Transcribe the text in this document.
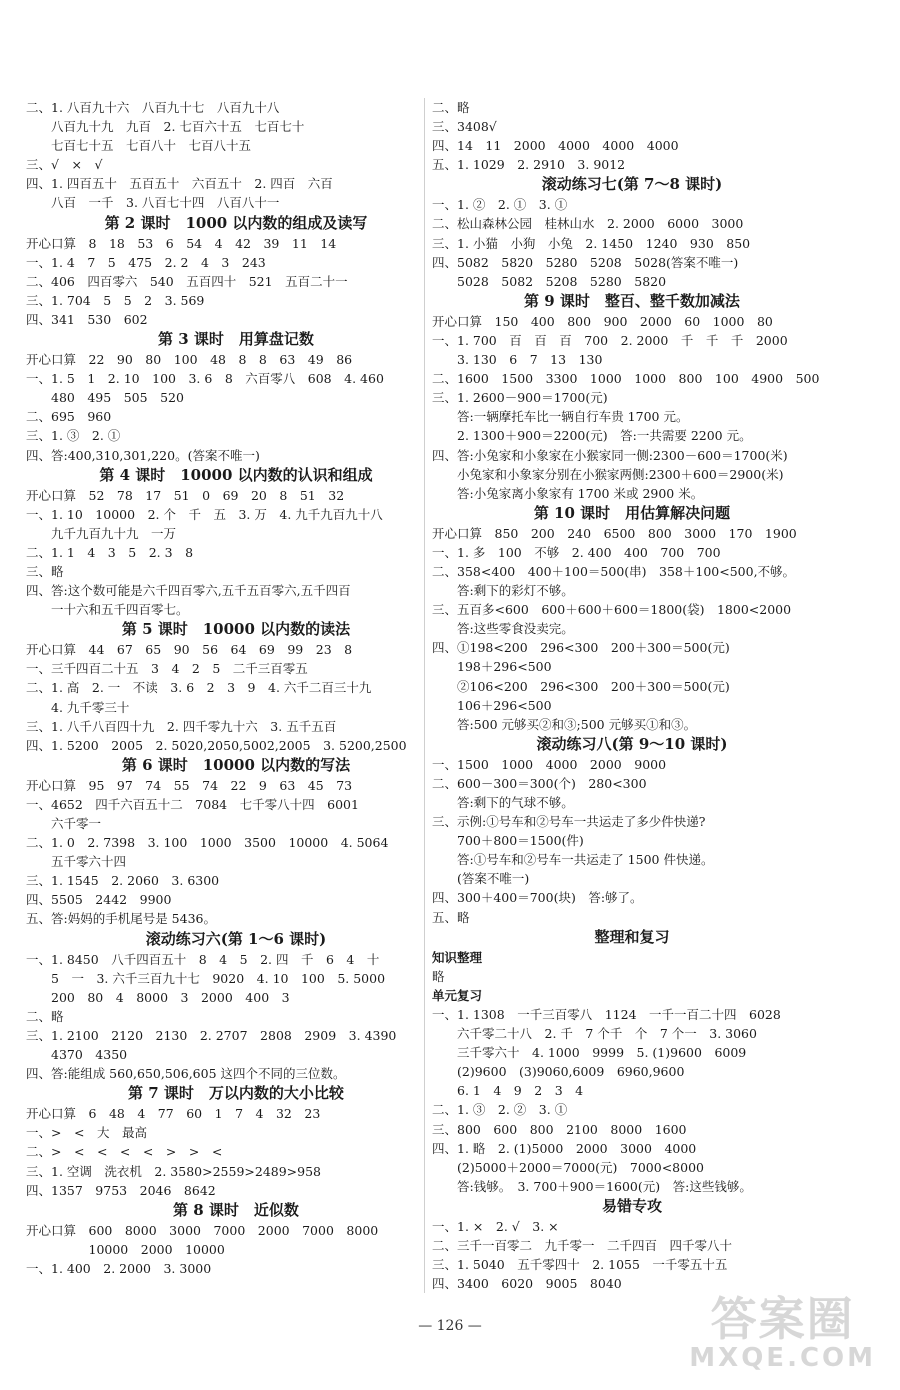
二、1. 八百九十六　八百九十七　八百九十八
　　八百九十九　九百　2. 七百六十五　七百七十
　　七百七十五　七百八十　七百八十五
三、√　×　√
四、1. 四百五十　五百五十　六百五十　2. 四百　六百
　　八百　一千　3. 八百七十四　八百八十一
第 2 课时　1000 以内数的组成及读写
开心口算　8　18　53　6　54　4　42　39　11　14
一、1. 4　7　5　475　2. 2　4　3　243
二、406　四百零六　540　五百四十　521　五百二十一
三、1. 704　5　5　2　3. 569
四、341　530　602
第 3 课时　用算盘记数
开心口算　22　90　80　100　48　8　8　63　49　86
一、1. 5　1　2. 10　100　3. 6　8　六百零八　608　4. 460
　　480　495　505　520
二、695　960
三、1. ③　2. ①
四、答:400,310,301,220。(答案不唯一)
第 4 课时　10000 以内数的认识和组成
开心口算　52　78　17　51　0　69　20　8　51　32
一、1. 10　10000　2. 个　千　五　3. 万　4. 九千九百九十八
　　九千九百九十九　一万
二、1. 1　4　3　5　2. 3　8
三、略
四、答:这个数可能是六千四百零六,五千五百零六,五千四百
　　一十六和五千四百零七。
第 5 课时　10000 以内数的读法
开心口算　44　67　65　90　56　64　69　99　23　8
一、三千四百二十五　3　4　2　5　二千三百零五
二、1. 高　2. 一　不读　3. 6　2　3　9　4. 六千二百三十九
　　4. 九千零三十
三、1. 八千八百四十九　2. 四千零九十六　3. 五千五百
四、1. 5200　2005　2. 5020,2050,5002,2005　3. 5200,2500
第 6 课时　10000 以内数的写法
开心口算　95　97　74　55　74　22　9　63　45　73
一、4652　四千六百五十二　7084　七千零八十四　6001
　　六千零一
二、1. 0　2. 7398　3. 100　1000　3500　10000　4. 5064
　　五千零六十四
三、1. 1545　2. 2060　3. 6300
四、5505　2442　9900
五、答:妈妈的手机尾号是 5436。
滚动练习六(第 1～6 课时)
一、1. 8450　八千四百五十　8　4　5　2. 四　千　6　4　十
　　5　一　3. 六千三百九十七　9020　4. 10　100　5. 5000
　　200　80　4　8000　3　2000　400　3
二、略
三、1. 2100　2120　2130　2. 2707　2808　2909　3. 4390
　　4370　4350
四、答:能组成 560,650,506,605 这四个不同的三位数。
第 7 课时　万以内数的大小比较
开心口算　6　48　4　77　60　1　7　4　32　23
一、>　<　大　最高
二、>　<　<　<　<　>　>　<
三、1. 空调　洗衣机　2. 3580>2559>2489>958
四、1357　9753　2046　8642
第 8 课时　近似数
开心口算　600　8000　3000　7000　2000　7000　8000
　　　　　10000　2000　10000
一、1. 400　2. 2000　3. 3000
二、略
三、3408√
四、14　11　2000　4000　4000　4000
五、1. 1029　2. 2910　3. 9012
滚动练习七(第 7～8 课时)
一、1. ②　2. ①　3. ①
二、松山森林公园　桂林山水　2. 2000　6000　3000
三、1. 小猫　小狗　小兔　2. 1450　1240　930　850
四、5082　5820　5280　5208　5028(答案不唯一)
　　5028　5082　5208　5280　5820
第 9 课时　整百、整千数加减法
开心口算　150　400　800　900　2000　60　1000　80
一、1. 700　百　百　百　700　2. 2000　千　千　千　2000
　　3. 130　6　7　13　130
二、1600　1500　3300　1000　1000　800　100　4900　500
三、1. 2600－900＝1700(元)
　　答:一辆摩托车比一辆自行车贵 1700 元。
　　2. 1300＋900＝2200(元)　答:一共需要 2200 元。
四、答:小兔家和小象家在小猴家同一侧:2300－600＝1700(米)
　　小兔家和小象家分别在小猴家两侧:2300＋600＝2900(米)
　　答:小兔家离小象家有 1700 米或 2900 米。
第 10 课时　用估算解决问题
开心口算　850　200　240　6500　800　3000　170　1900
一、1. 多　100　不够　2. 400　400　700　700
二、358<400　400＋100＝500(串)　358＋100<500,不够。
　　答:剩下的彩灯不够。
三、五百多<600　600＋600＋600＝1800(袋)　1800<2000
　　答:这些零食没卖完。
四、①198<200　296<300　200＋300＝500(元)
　　198＋296<500
　　②106<200　296<300　200＋300＝500(元)
　　106＋296<500
　　答:500 元够买②和③;500 元够买①和③。
滚动练习八(第 9～10 课时)
一、1500　1000　4000　2000　9000
二、600－300＝300(个)　280<300
　　答:剩下的气球不够。
三、示例:①号车和②号车一共运走了多少件快递?
　　700＋800＝1500(件)
　　答:①号车和②号车一共运走了 1500 件快递。
　　(答案不唯一)
四、300＋400＝700(块)　答:够了。
五、略
整理和复习
知识整理
略
单元复习
一、1. 1308　一千三百零八　1124　一千一百二十四　6028
　　六千零二十八　2. 千　7 个千　个　7 个一　3. 3060
　　三千零六十　4. 1000　9999　5. (1)9600　6009
　　(2)9600　(3)9060,6009　6960,9600
　　6. 1　4　9　2　3　4
二、1. ③　2. ②　3. ①
三、800　600　800　2100　8000　1600
四、1. 略　2. (1)5000　2000　3000　4000
　　(2)5000＋2000＝7000(元)　7000<8000
　　答:钱够。　3. 700＋900＝1600(元)　答:这些钱够。
易错专攻
一、1. ×　2. √　3. ×
二、三千一百零二　九千零一　二千四百　四千零八十
三、1. 5040　五千零四十　2. 1055　一千零五十五
四、3400　6020　9005　8040
— 126 —	答案圈
MXQE.COM
